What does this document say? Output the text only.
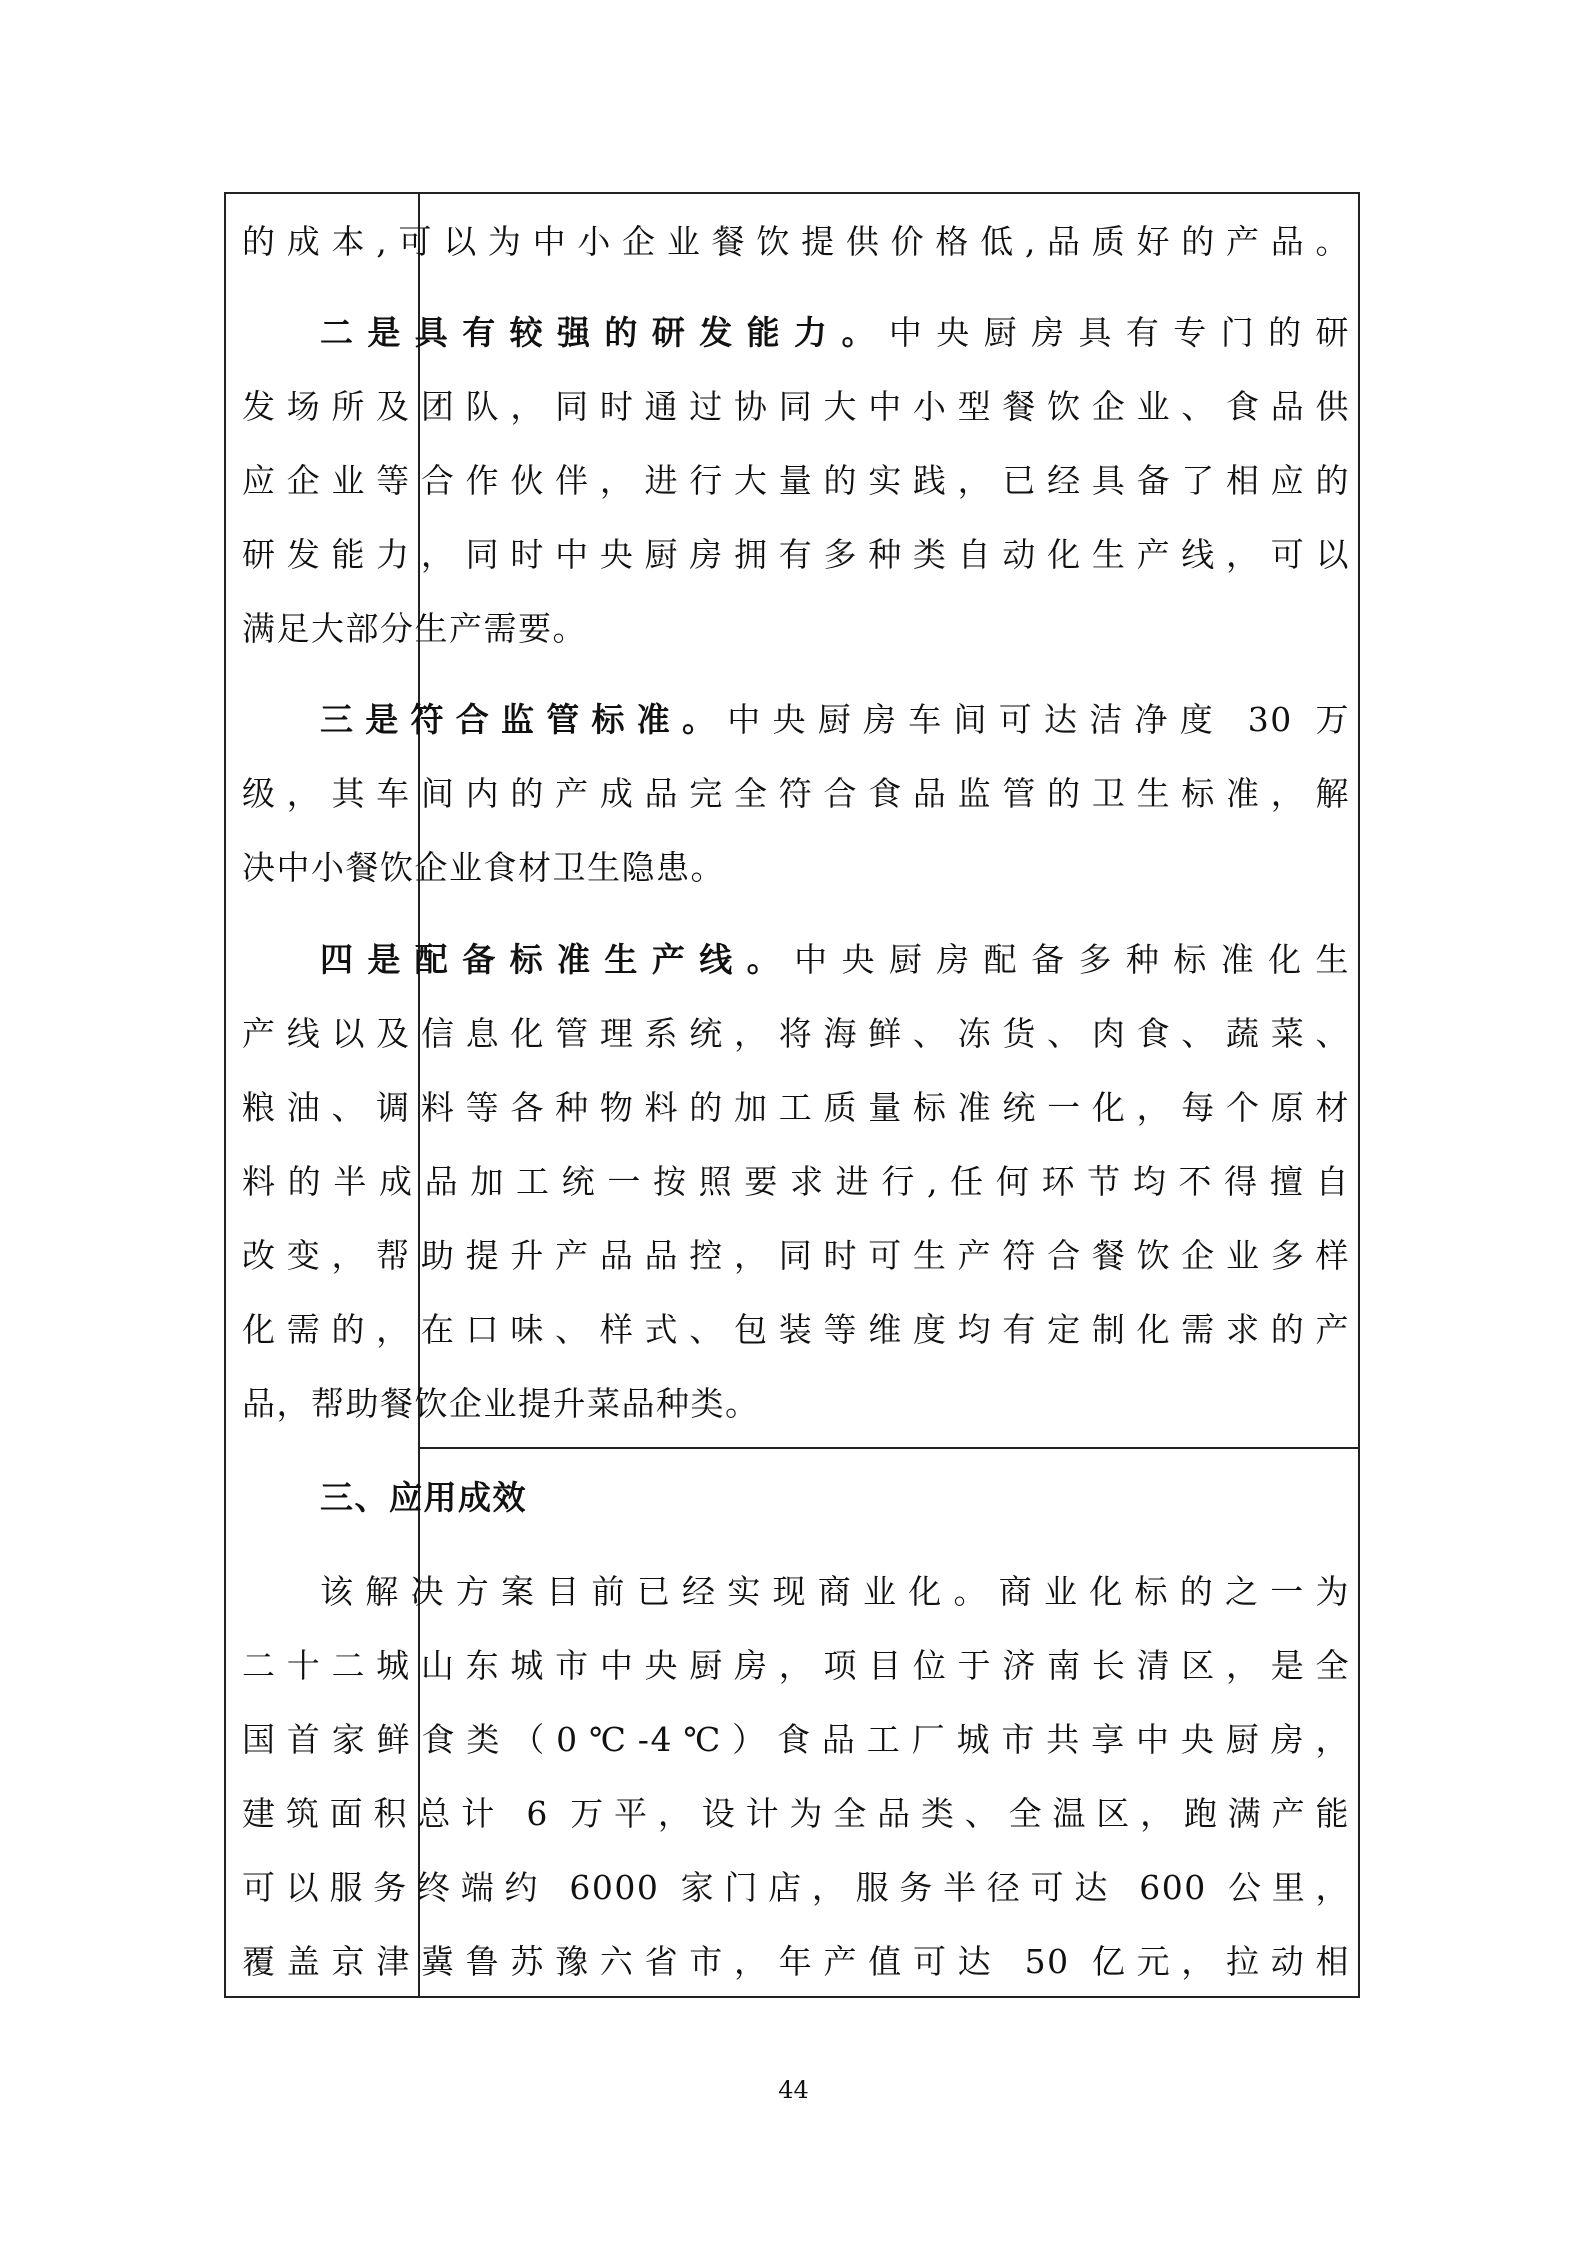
的成本,可以为中小企业餐饮提供价格低,品质好的产品。
二是具有较强的研发能力。中央厨房具有专门的研
发场所及团队，同时通过协同大中小型餐饮企业、食品供
应企业等合作伙伴，进行大量的实践，已经具备了相应的
研发能力，同时中央厨房拥有多种类自动化生产线，可以
满足大部分生产需要。
三是符合监管标准。中央厨房车间可达洁净度 30 万
级，其车间内的产成品完全符合食品监管的卫生标准，解
决中小餐饮企业食材卫生隐患。
四是配备标准生产线。中央厨房配备多种标准化生
产线以及信息化管理系统，将海鲜、冻货、肉食、蔬菜、
粮油、调料等各种物料的加工质量标准统一化，每个原材
料的半成品加工统一按照要求进行,任何环节均不得擅自
改变，帮助提升产品品控，同时可生产符合餐饮企业多样
化需的，在口味、样式、包装等维度均有定制化需求的产
品，帮助餐饮企业提升菜品种类。
三、应用成效
该解决方案目前已经实现商业化。商业化标的之一为
二十二城山东城市中央厨房，项目位于济南长清区，是全
国首家鲜食类（0℃-4℃）食品工厂城市共享中央厨房，
建筑面积总计 6 万平，设计为全品类、全温区，跑满产能
可以服务终端约 6000 家门店，服务半径可达 600 公里，
覆盖京津冀鲁苏豫六省市，年产值可达 50 亿元，拉动相
44
